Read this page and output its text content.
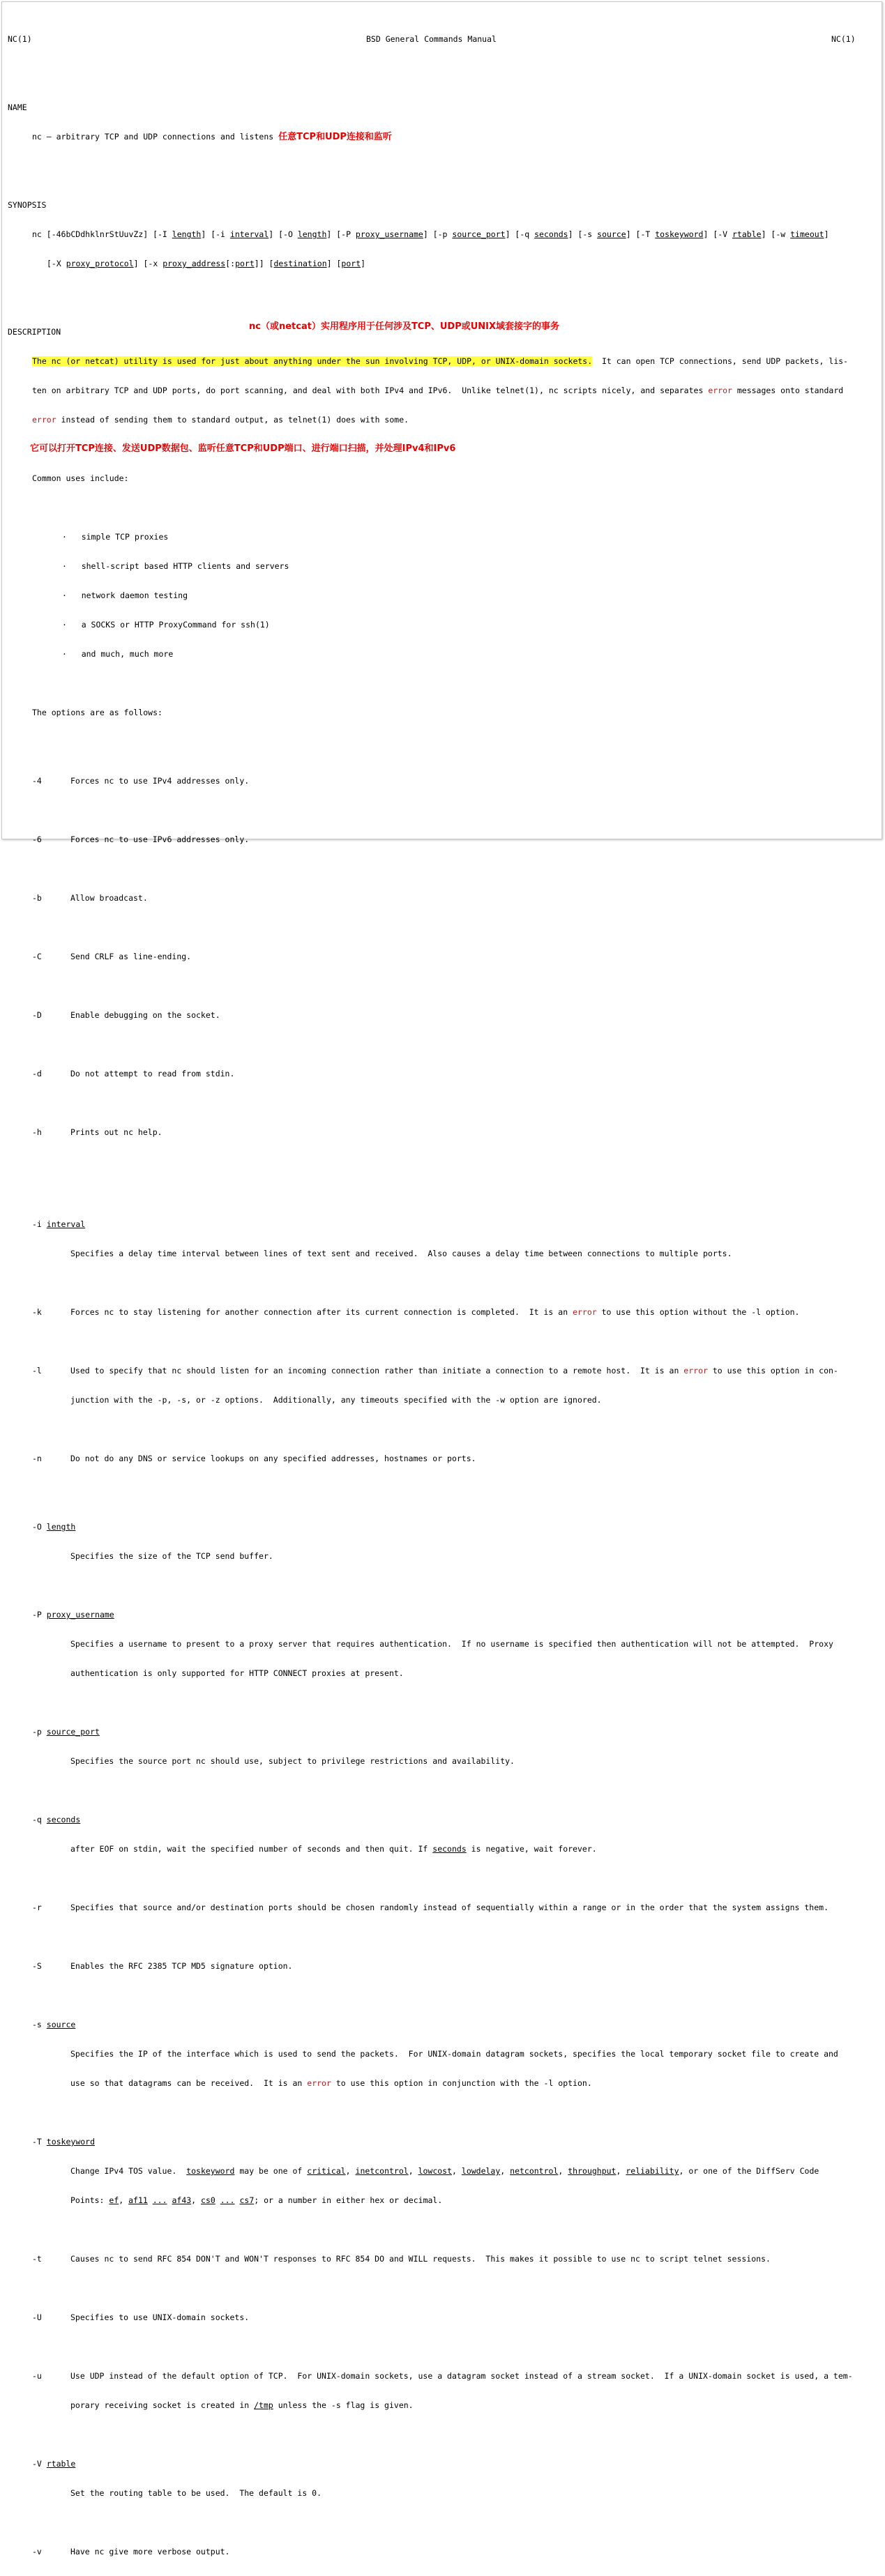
NC(1)	BSD General Commands Manual	NC(1)

NAME

nc — arbitrary TCP and UDP connections and listens 任意TCP和UDP连接和监听

SYNOPSIS

nc [-46bCDdhklnrStUuvZz] [-I length] [-i interval] [-O length] [-P proxy_username] [-p source_port] [-q seconds] [-s source] [-T toskeyword] [-V rtable] [-w timeout]

[-X proxy_protocol] [-x proxy_address[:port]] [destination] [port]

DESCRIPTION	nc（或netcat）实用程序用于任何涉及TCP、UDP或UNIX域套接字的事务

The nc (or netcat) utility is used for just about anything under the sun involving TCP, UDP, or UNIX-domain sockets.  It can open TCP connections, send UDP packets, lis-

ten on arbitrary TCP and UDP ports, do port scanning, and deal with both IPv4 and IPv6.  Unlike telnet(1), nc scripts nicely, and separates error messages onto standard

error instead of sending them to standard output, as telnet(1) does with some.

它可以打开TCP连接、发送UDP数据包、监听任意TCP和UDP端口、进行端口扫描，并处理IPv4和IPv6

Common uses include:

·   simple TCP proxies

·   shell-script based HTTP clients and servers

·   network daemon testing

·   a SOCKS or HTTP ProxyCommand for ssh(1)

·   and much, much more

The options are as follows:

-4	Forces nc to use IPv4 addresses only.

-6	Forces nc to use IPv6 addresses only.

-b	Allow broadcast.

-C	Send CRLF as line-ending.

-D	Enable debugging on the socket.

-d	Do not attempt to read from stdin.

-h	Prints out nc help.

-i interval

Specifies a delay time interval between lines of text sent and received.  Also causes a delay time between connections to multiple ports.

-k	Forces nc to stay listening for another connection after its current connection is completed.  It is an error to use this option without the -l option.

-l	Used to specify that nc should listen for an incoming connection rather than initiate a connection to a remote host.  It is an error to use this option in con-

junction with the -p, -s, or -z options.  Additionally, any timeouts specified with the -w option are ignored.

-n	Do not do any DNS or service lookups on any specified addresses, hostnames or ports.

-O length

Specifies the size of the TCP send buffer.

-P proxy_username

Specifies a username to present to a proxy server that requires authentication.  If no username is specified then authentication will not be attempted.  Proxy

authentication is only supported for HTTP CONNECT proxies at present.

-p source_port

Specifies the source port nc should use, subject to privilege restrictions and availability.

-q seconds

after EOF on stdin, wait the specified number of seconds and then quit. If seconds is negative, wait forever.

-r	Specifies that source and/or destination ports should be chosen randomly instead of sequentially within a range or in the order that the system assigns them.

-S	Enables the RFC 2385 TCP MD5 signature option.

-s source

Specifies the IP of the interface which is used to send the packets.  For UNIX-domain datagram sockets, specifies the local temporary socket file to create and

use so that datagrams can be received.  It is an error to use this option in conjunction with the -l option.

-T toskeyword

Change IPv4 TOS value.  toskeyword may be one of critical, inetcontrol, lowcost, lowdelay, netcontrol, throughput, reliability, or one of the DiffServ Code

Points: ef, af11 ... af43, cs0 ... cs7; or a number in either hex or decimal.

-t	Causes nc to send RFC 854 DON'T and WON'T responses to RFC 854 DO and WILL requests.  This makes it possible to use nc to script telnet sessions.

-U	Specifies to use UNIX-domain sockets.

-u	Use UDP instead of the default option of TCP.  For UNIX-domain sockets, use a datagram socket instead of a stream socket.  If a UNIX-domain socket is used, a tem-

porary receiving socket is created in /tmp unless the -s flag is given.

-V rtable

Set the routing table to be used.  The default is 0.

-v	Have nc give more verbose output.
